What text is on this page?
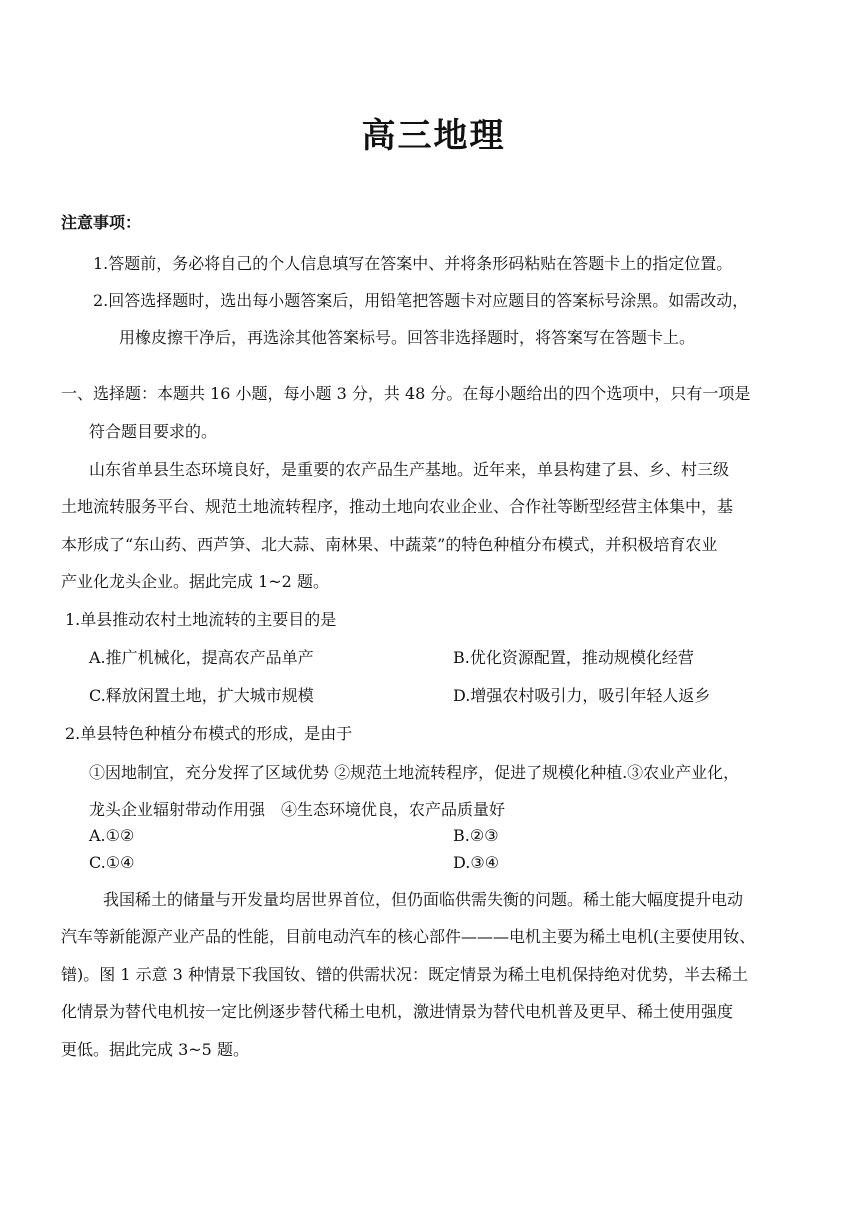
高三地理
注意事项：
1.答题前，务必将自己的个人信息填写在答案中、并将条形码粘贴在答题卡上的指定位置。
2.回答选择题时，选出每小题答案后，用铅笔把答题卡对应题目的答案标号涂黑。如需改动，
用橡皮擦干净后，再选涂其他答案标号。回答非选择题时，将答案写在答题卡上。
一、选择题：本题共 16 小题，每小题 3 分，共 48 分。在每小题给出的四个选项中，只有一项是
符合题目要求的。
山东省单县生态环境良好，是重要的农产品生产基地。近年来，单县构建了县、乡、村三级
土地流转服务平台、规范土地流转程序，推动土地向农业企业、合作社等断型经营主体集中，基
本形成了“东山药、西芦笋、北大蒜、南林果、中蔬菜”的特色种植分布模式，并积极培育农业
产业化龙头企业。据此完成 1~2 题。
1.单县推动农村土地流转的主要目的是
A.推广机械化，提高农产品单产	B.优化资源配置，推动规模化经营
C.释放闲置土地，扩大城市规模	D.增强农村吸引力，吸引年轻人返乡
2.单县特色种植分布模式的形成，是由于
①因地制宜，充分发挥了区域优势 ②规范土地流转程序，促进了规模化种植.③农业产业化，
龙头企业辐射带动作用强　④生态环境优良，农产品质量好
A.①②	B.②③
C.①④	D.③④
我国稀土的储量与开发量均居世界首位，但仍面临供需失衡的问题。稀土能大幅度提升电动
汽车等新能源产业产品的性能，目前电动汽车的核心部件———电机主要为稀土电机(主要使用钕、
镨)。图 1 示意 3 种情景下我国钕、镨的供需状况：既定情景为稀土电机保持绝对优势，半去稀土
化情景为替代电机按一定比例逐步替代稀土电机，激进情景为替代电机普及更早、稀土使用强度
更低。据此完成 3~5 题。
